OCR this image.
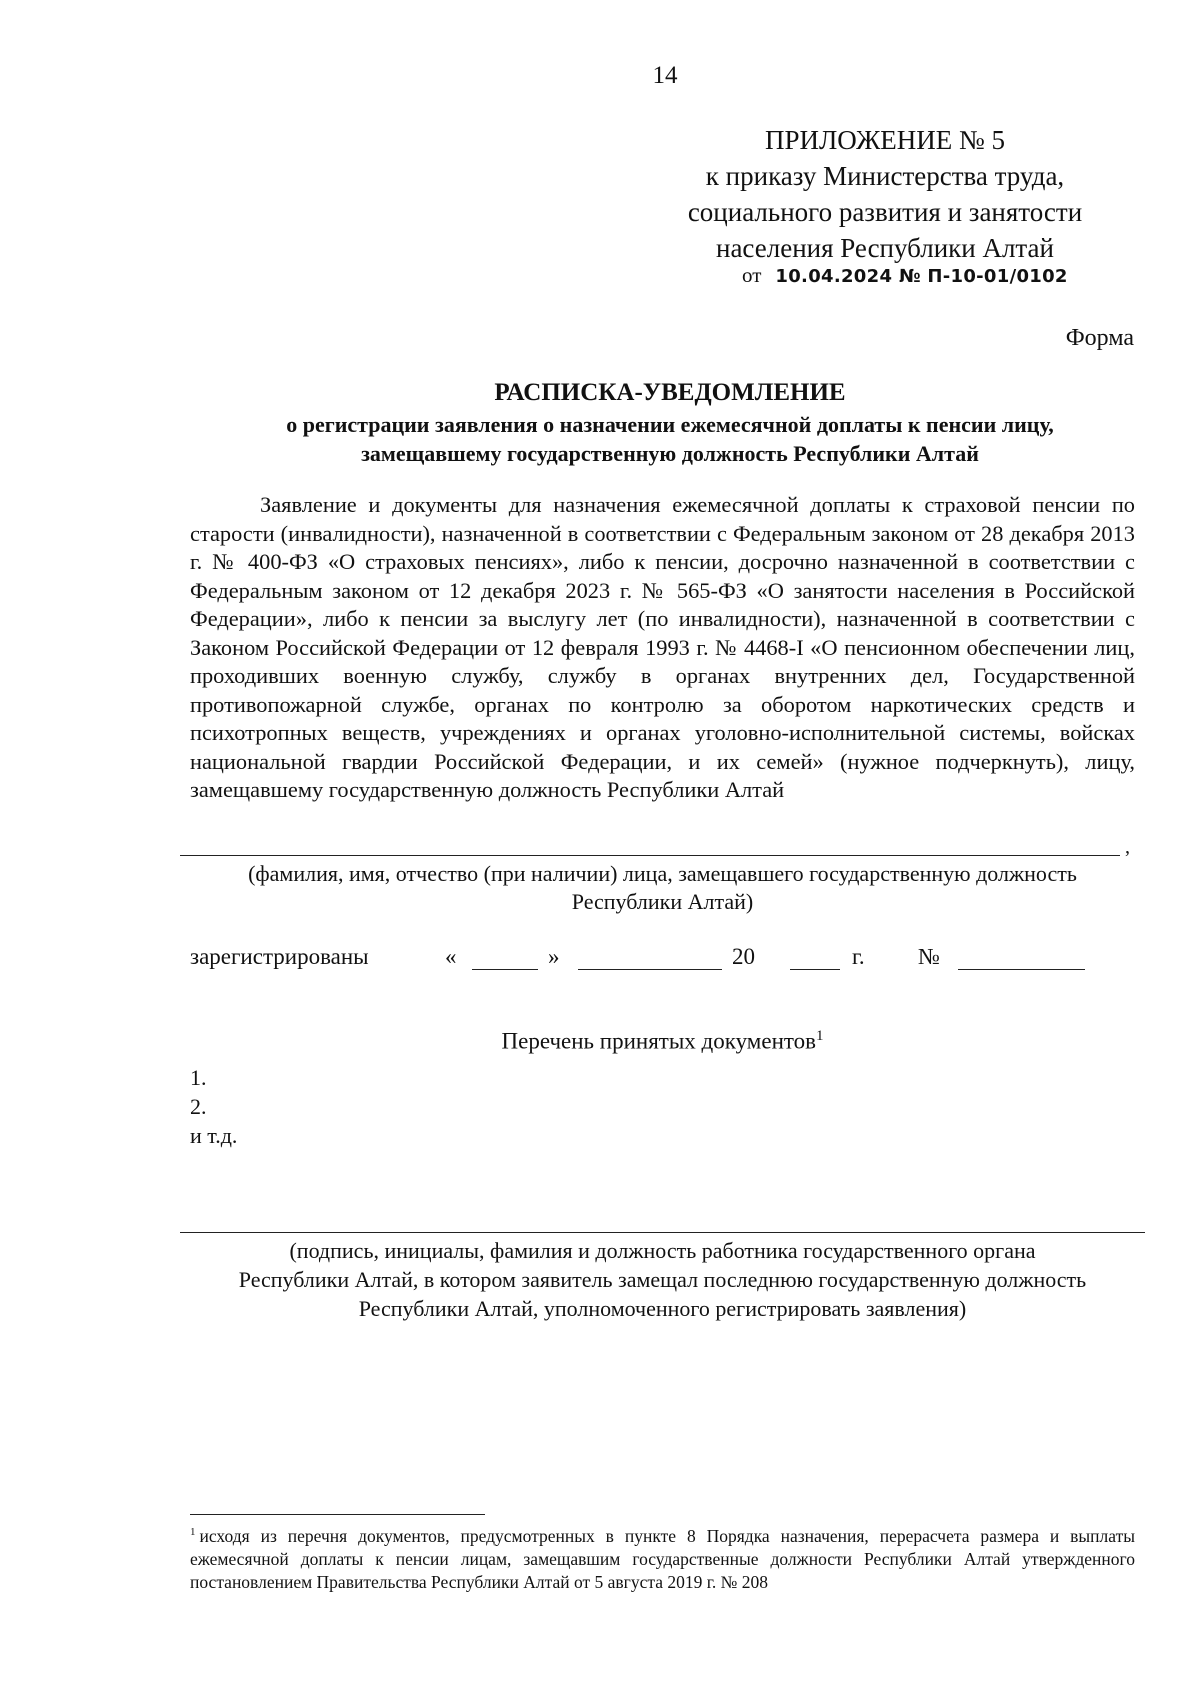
14
ПРИЛОЖЕНИЕ № 5
к приказу Министерства труда,
социального развития и занятости
населения Республики Алтай
от 10.04.2024 № П-10-01/0102
Форма
РАСПИСКА-УВЕДОМЛЕНИЕ
о регистрации заявления о назначении ежемесячной доплаты к пенсии лицу,
замещавшему государственную должность Республики Алтай
Заявление и документы для назначения ежемесячной доплаты к страховой пенсии по старости (инвалидности), назначенной в соответствии с Федеральным законом от 28 декабря 2013 г. № 400-ФЗ «О страховых пенсиях», либо к пенсии, досрочно назначенной в соответствии с Федеральным законом от 12 декабря 2023 г. № 565-ФЗ «О занятости населения в Российской Федерации», либо к пенсии за выслугу лет (по инвалидности), назначенной в соответствии с Законом Российской Федерации от 12 февраля 1993 г. № 4468-I «О пенсионном обеспечении лиц, проходивших военную службу, службу в органах внутренних дел, Государственной противопожарной службе, органах по контролю за оборотом наркотических средств и психотропных веществ, учреждениях и органах уголовно-исполнительной системы, войсках национальной гвардии Российской Федерации, и их семей» (нужное подчеркнуть), лицу, замещавшему государственную должность Республики Алтай
,
(фамилия, имя, отчество (при наличии) лица, замещавшего государственную должность
Республики Алтай)
зарегистрированы	«	»	20	г. №
Перечень принятых документов$^1$
1.
2.
и т.д.
(подпись, инициалы, фамилия и должность работника государственного органа
Республики Алтай, в котором заявитель замещал последнюю государственную должность
Республики Алтай, уполномоченного регистрировать заявления)
$^1$ исходя из перечня документов, предусмотренных в пункте 8 Порядка назначения, перерасчета размера и выплаты ежемесячной доплаты к пенсии лицам, замещавшим государственные должности Республики Алтай утвержденного постановлением Правительства Республики Алтай от 5 августа 2019 г. № 208
